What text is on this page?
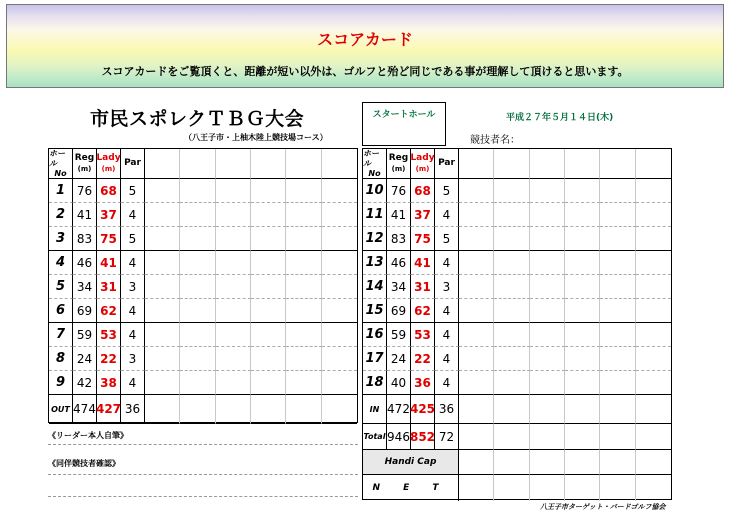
スコアカード
スコアカードをご覧頂くと、距離が短い以外は、ゴルフと殆ど同じである事が理解して頂けると思います。
市民スポレクＴＢＧ大会
（八王子市・上柚木陸上競技場コース）
スタートホール	平成２７年５月１４日(木)
競技者名：
ホール
No
Reg
(m)
Lady
(m)
Par
1 76 68 5
2 41 37 4
3 83 75 5
4 46 41 4
5 34 31 3
6 69 62 4
7 59 53 4
8 24 22 3
9 42 38 4
OUT 474 427 36
ホール
No
Reg
(m)
Lady
(m)
Par
10 76 68 5
11 41 37 4
12 83 75 5
13 46 41 4
14 34 31 3
15 69 62 4
16 59 53 4
17 24 22 4
18 40 36 4
IN 472 425 36
Total 946 852 72
Handi Cap
N E T
《リーダー本人自筆》
《同伴競技者確認》
八王子市ターゲット・バードゴルフ協会
